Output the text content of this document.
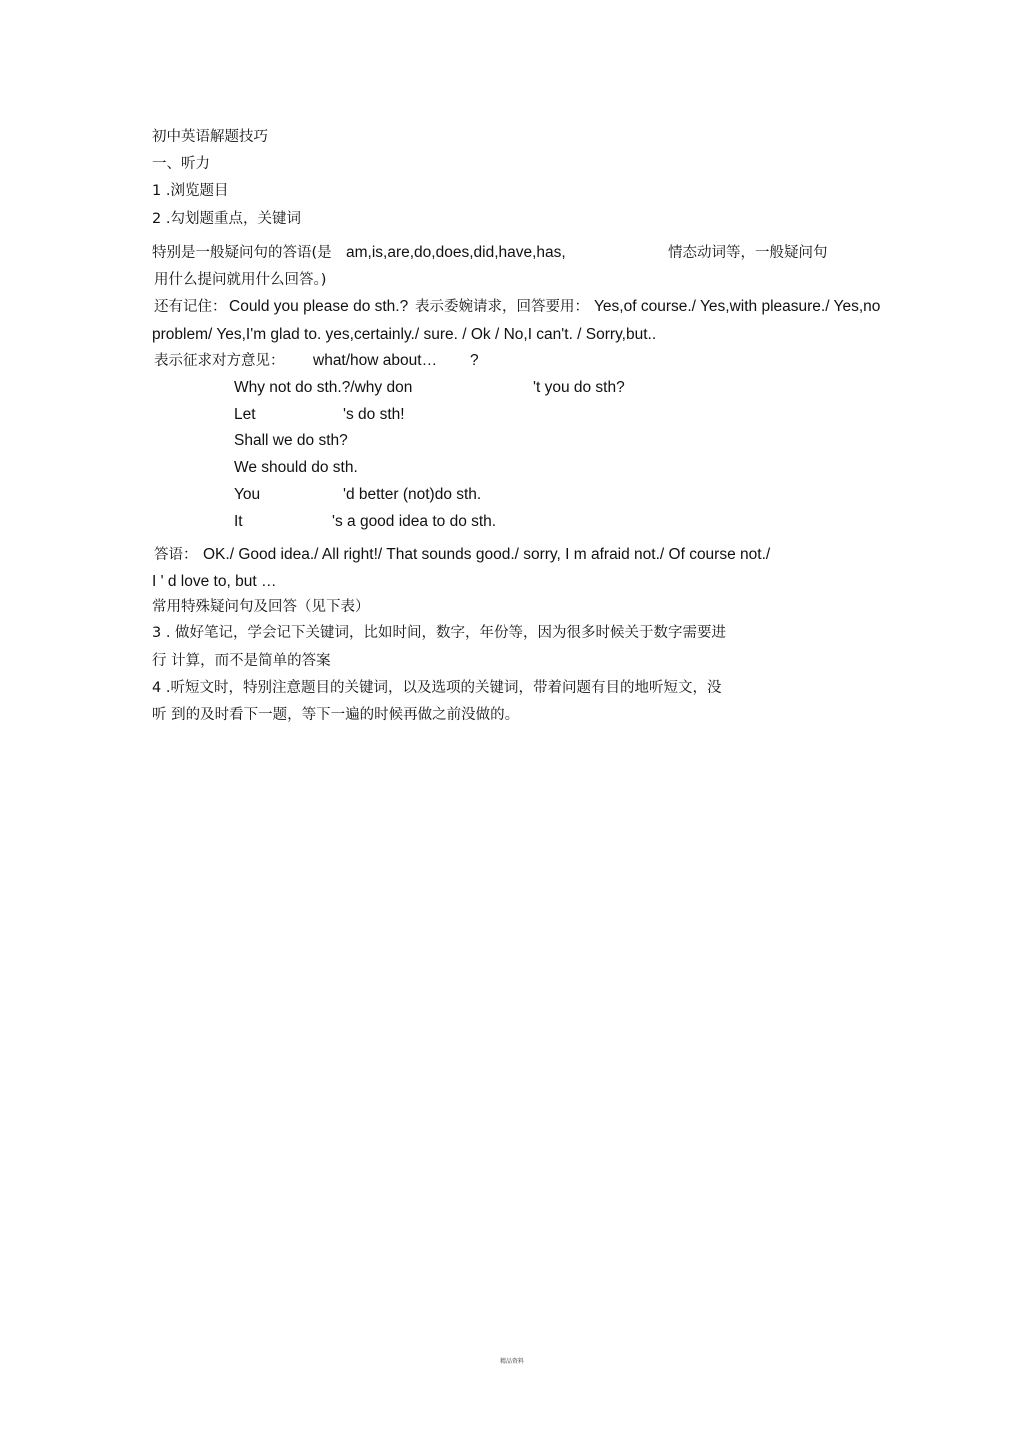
初中英语解题技巧
一、听力
1 .浏览题目
2 .勾划题重点，关键词
特别是一般疑问句的答语(是 am,is,are,do,does,did,have,has,	情态动词等，一般疑问句
用什么提问就用什么回答。)
还有记住： Could you please do sth.? 表示委婉请求，回答要用： Yes,of course./ Yes,with pleasure./ Yes,no
problem/ Yes,I'm glad to. yes,certainly./ sure. / Ok / No,I can't. / Sorry,but..
表示征求对方意见： what/how about… ?
Why not do sth.?/why don	't you do sth?
Let	's do sth!
Shall we do sth?
We should do sth.
You	'd better (not)do sth.
It	's a good idea to do sth.
答语： OK./ Good idea./ All right!/ That sounds good./ sorry, I m afraid not./ Of course not./
I ' d love to, but …
常用特殊疑问句及回答（见下表）
3 . 做好笔记，学会记下关键词，比如时间，数字，年份等，因为很多时候关于数字需要进
行 计算，而不是简单的答案
4 .听短文时，特别注意题目的关键词，以及选项的关键词，带着问题有目的地听短文，没
听 到的及时看下一题，等下一遍的时候再做之前没做的。
精品资料
